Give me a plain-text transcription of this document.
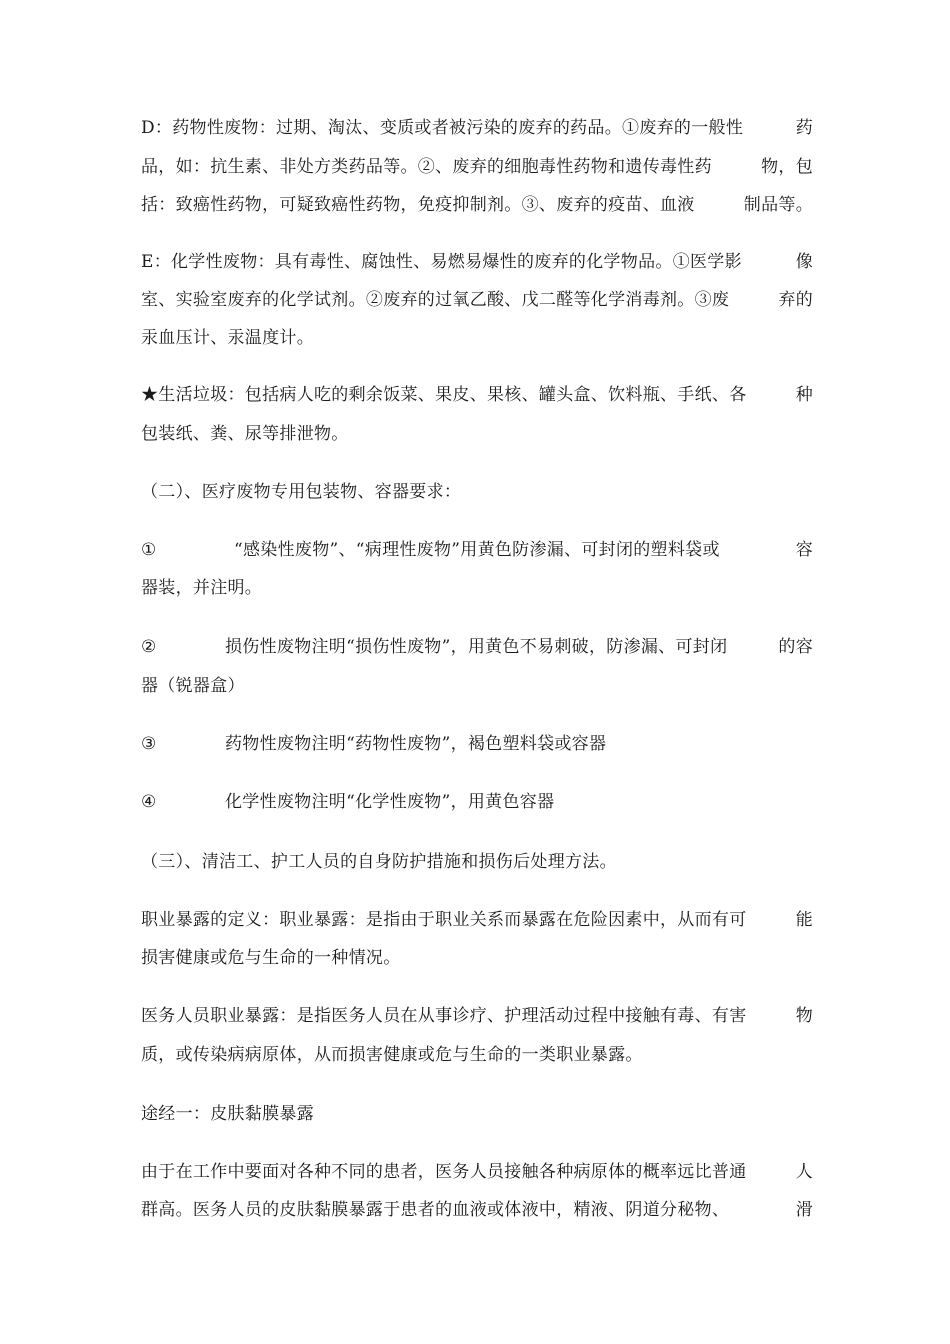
D：药物性废物：过期、淘汰、变质或者被污染的废弃的药品。①废弃的一般性	药
品，如：抗生素、非处方类药品等。②、废弃的细胞毒性药物和遗传毒性药	物，包
括：致癌性药物，可疑致癌性药物，免疫抑制剂。③、废弃的疫苗、血液	制品等。
E：化学性废物：具有毒性、腐蚀性、易燃易爆性的废弃的化学物品。①医学影	像
室、实验室废弃的化学试剂。②废弃的过氧乙酸、戊二醛等化学消毒剂。③废	弃的
汞血压计、汞温度计。
★生活垃圾：包括病人吃的剩余饭菜、果皮、果核、罐头盒、饮料瓶、手纸、各	种
包装纸、粪、尿等排泄物。
（二）、医疗废物专用包装物、容器要求：
①	“感染性废物”、“病理性废物”用黄色防渗漏、可封闭的塑料袋或	容
器装，并注明。
②	损伤性废物注明“损伤性废物”，用黄色不易刺破，防渗漏、可封闭	的容
器（锐器盒）
③	药物性废物注明“药物性废物”，褐色塑料袋或容器
④	化学性废物注明“化学性废物”，用黄色容器
（三）、清洁工、护工人员的自身防护措施和损伤后处理方法。
职业暴露的定义：职业暴露：是指由于职业关系而暴露在危险因素中，从而有可	能
损害健康或危与生命的一种情况。
医务人员职业暴露：是指医务人员在从事诊疗、护理活动过程中接触有毒、有害	物
质，或传染病病原体，从而损害健康或危与生命的一类职业暴露。
途经一：皮肤黏膜暴露
由于在工作中要面对各种不同的患者，医务人员接触各种病原体的概率远比普通	人
群高。医务人员的皮肤黏膜暴露于患者的血液或体液中，精液、阴道分秘物、	滑
